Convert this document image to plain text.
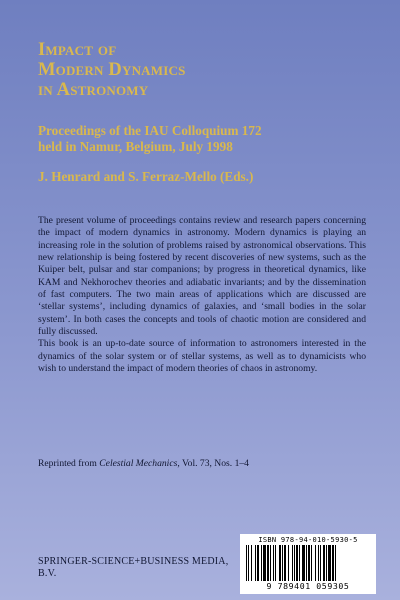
Impact of
Modern Dynamics
in Astronomy
Proceedings of the IAU Colloquium 172
held in Namur, Belgium, July 1998
J. Henrard and S. Ferraz-Mello (Eds.)

The present volume of proceedings contains review and research papers concerning the impact of modern dynamics in astronomy. Modern dynamics is playing an increasing role in the solution of problems raised by astronomical observations. This new relationship is being fostered by recent discoveries of new systems, such as the Kuiper belt, pulsar and star companions; by progress in theoretical dynamics, like KAM and Nekhorochev theories and adiabatic invariants; and by the dissemination of fast computers. The two main areas of applications which are discussed are ‘stellar systems’, including dynamics of galaxies, and ‘small bodies in the solar system’. In both cases the concepts and tools of chaotic motion are considered and fully discussed.

This book is an up-to-date source of information to astronomers interested in the dynamics of the solar system or of stellar systems, as well as to dynamicists who wish to understand the impact of modern theories of chaos in astronomy.

Reprinted from Celestial Mechanics, Vol. 73, Nos. 1–4
SPRINGER-SCIENCE+BUSINESS MEDIA, B.V.
ISBN 978-94-010-5930-5
9 789401 059305
